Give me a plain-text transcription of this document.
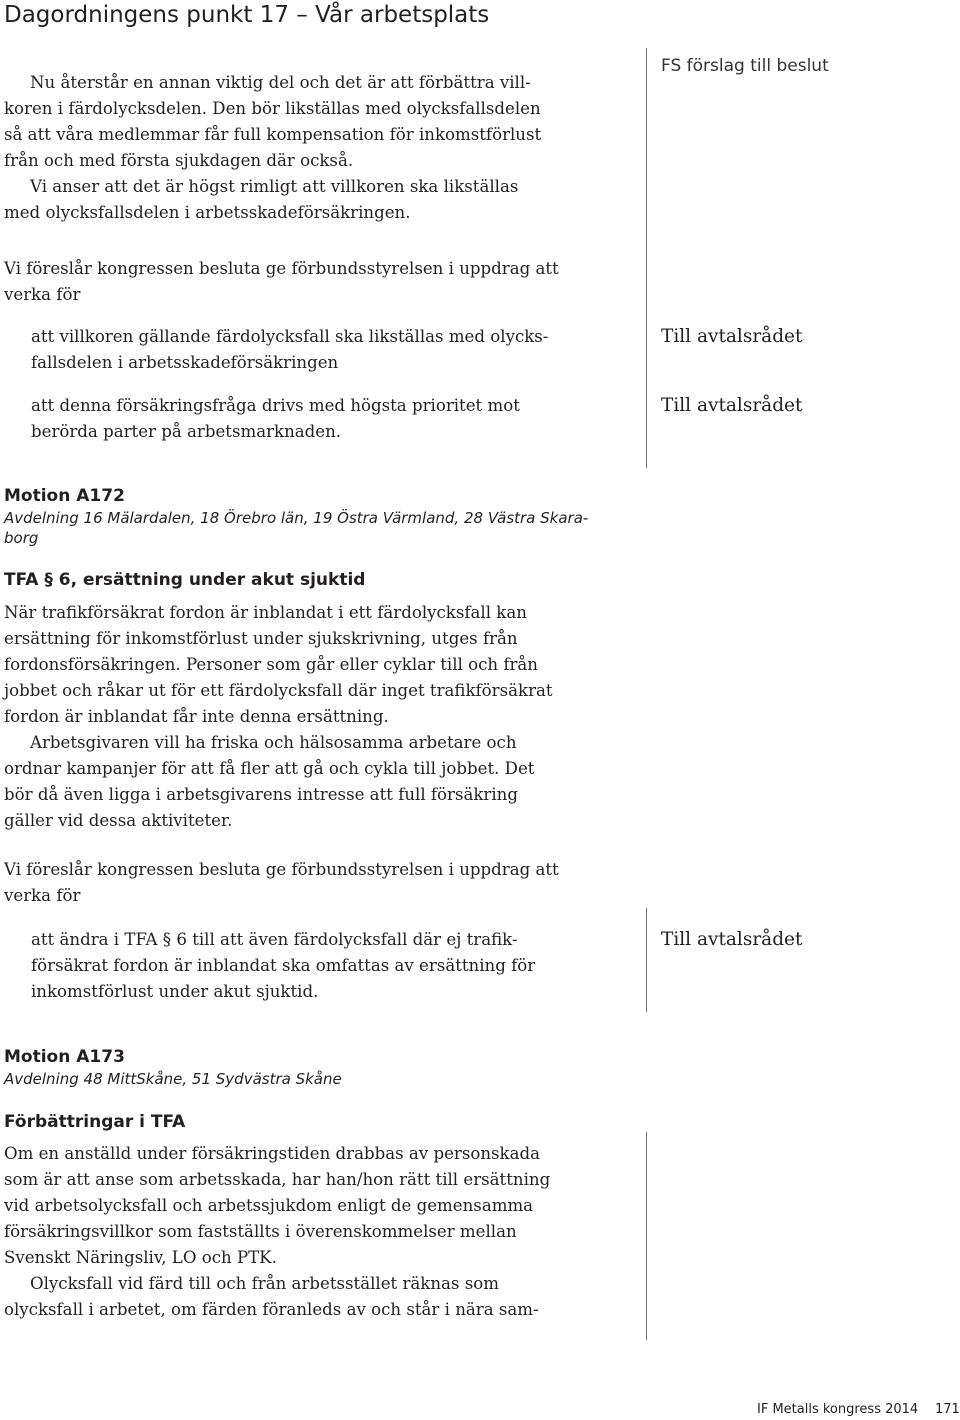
Dagordningens punkt 17 – Vår arbetsplats
FS förslag till beslut

Nu återstår en annan viktig del och det är att förbättra vill-

koren i färdolycksdelen. Den bör likställas med olycksfallsdelen

så att våra medlemmar får full kompensation för inkomstförlust

från och med första sjukdagen där också.

Vi anser att det är högst rimligt att villkoren ska likställas

med olycksfallsdelen i arbetsskadeförsäkringen.

Vi föreslår kongressen besluta ge förbundsstyrelsen i uppdrag att

verka för

att villkoren gällande färdolycksfall ska likställas med olycks-

fallsdelen i arbetsskadeförsäkringen

Till avtalsrådet

att denna försäkringsfråga drivs med högsta prioritet mot

berörda parter på arbetsmarknaden.

Till avtalsrådet
Motion A172
Avdelning 16 Mälardalen, 18 Örebro län, 19 Östra Värmland, 28 Västra Skara-
borg
TFA § 6, ersättning under akut sjuktid

När trafikförsäkrat fordon är inblandat i ett färdolycksfall kan

ersättning för inkomstförlust under sjukskrivning, utges från

fordonsförsäkringen. Personer som går eller cyklar till och från

jobbet och råkar ut för ett färdolycksfall där inget trafikförsäkrat

fordon är inblandat får inte denna ersättning.

Arbetsgivaren vill ha friska och hälsosamma arbetare och

ordnar kampanjer för att få fler att gå och cykla till jobbet. Det

bör då även ligga i arbetsgivarens intresse att full försäkring

gäller vid dessa aktiviteter.

Vi föreslår kongressen besluta ge förbundsstyrelsen i uppdrag att

verka för

att ändra i TFA § 6 till att även färdolycksfall där ej trafik-

försäkrat fordon är inblandat ska omfattas av ersättning för

inkomstförlust under akut sjuktid.

Till avtalsrådet
Motion A173
Avdelning 48 MittSkåne, 51 Sydvästra Skåne
Förbättringar i TFA

Om en anställd under försäkringstiden drabbas av personskada

som är att anse som arbetsskada, har han/hon rätt till ersättning

vid arbetsolycksfall och arbetssjukdom enligt de gemensamma

försäkringsvillkor som fastställts i överenskommelser mellan

Svenskt Näringsliv, LO och PTK.

Olycksfall vid färd till och från arbetsstället räknas som

olycksfall i arbetet, om färden föranleds av och står i nära sam-

IF Metalls kongress 2014 171
